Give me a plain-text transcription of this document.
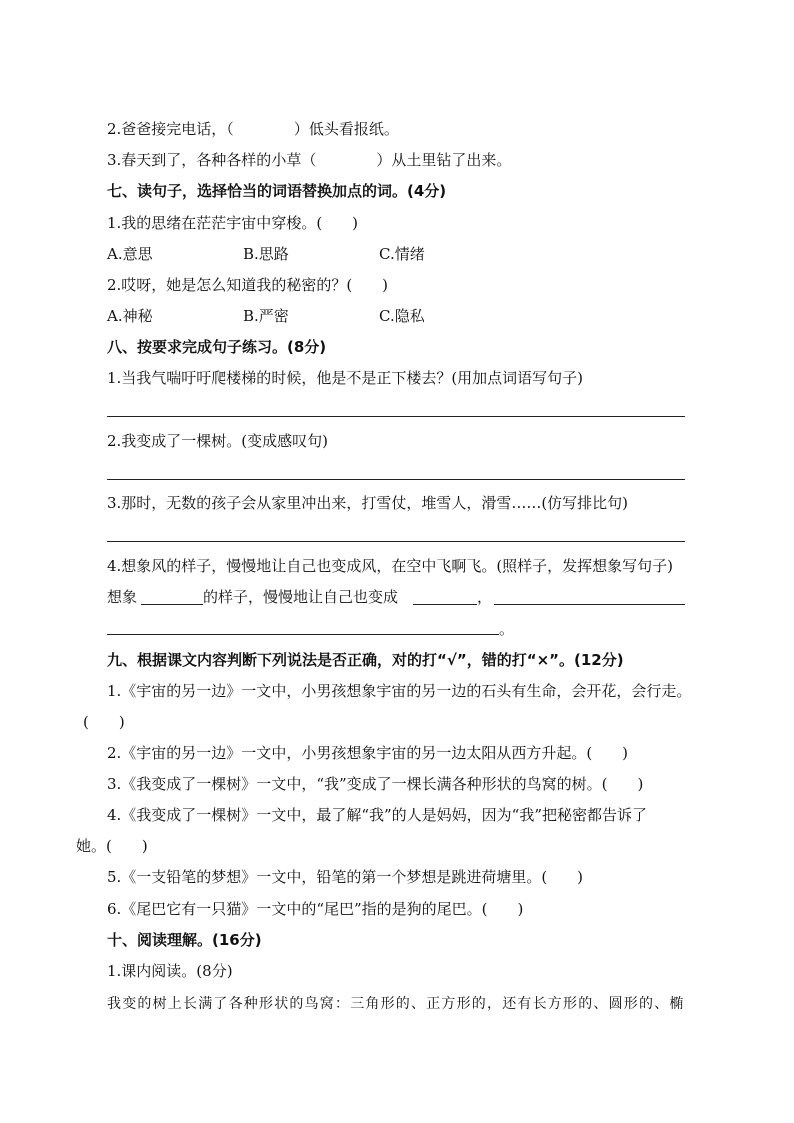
2.爸爸接完电话，（　　　　）低头看报纸。
3.春天到了，各种各样的小草（　　　　）从土里钻了出来。
七、读句子，选择恰当的词语替换加点的词。(4分)
1.我的思绪在茫茫宇宙中穿梭。(　　)
A.意思	B.思路	C.情绪
2.哎呀，她是怎么知道我的秘密的？(　　)
A.神秘	B.严密	C.隐私
八、按要求完成句子练习。(8分)
1.当我气喘吁吁爬楼梯的时候，他是不是正下楼去？(用加点词语写句子)
2.我变成了一棵树。(变成感叹句)
3.那时，无数的孩子会从家里冲出来，打雪仗，堆雪人，滑雪……(仿写排比句)
4.想象风的样子，慢慢地让自己也变成风，在空中飞啊飞。(照样子，发挥想象写句子)
想象	的样子，慢慢地让自己也变成	，
。
九、根据课文内容判断下列说法是否正确，对的打“√”，错的打“×”。(12分)
1.《宇宙的另一边》一文中，小男孩想象宇宙的另一边的石头有生命，会开花，会行走。
(　　)
2.《宇宙的另一边》一文中，小男孩想象宇宙的另一边太阳从西方升起。(　　)
3.《我变成了一棵树》一文中，“我”变成了一棵长满各种形状的鸟窝的树。(　　)
4.《我变成了一棵树》一文中，最了解“我”的人是妈妈，因为“我”把秘密都告诉了
她。(　　)
5.《一支铅笔的梦想》一文中，铅笔的第一个梦想是跳进荷塘里。(　　)
6.《尾巴它有一只猫》一文中的“尾巴”指的是狗的尾巴。(　　)
十、阅读理解。(16分)
1.课内阅读。(8分)
我变的树上长满了各种形状的鸟窝：三角形的、正方形的，还有长方形的、圆形的、椭
